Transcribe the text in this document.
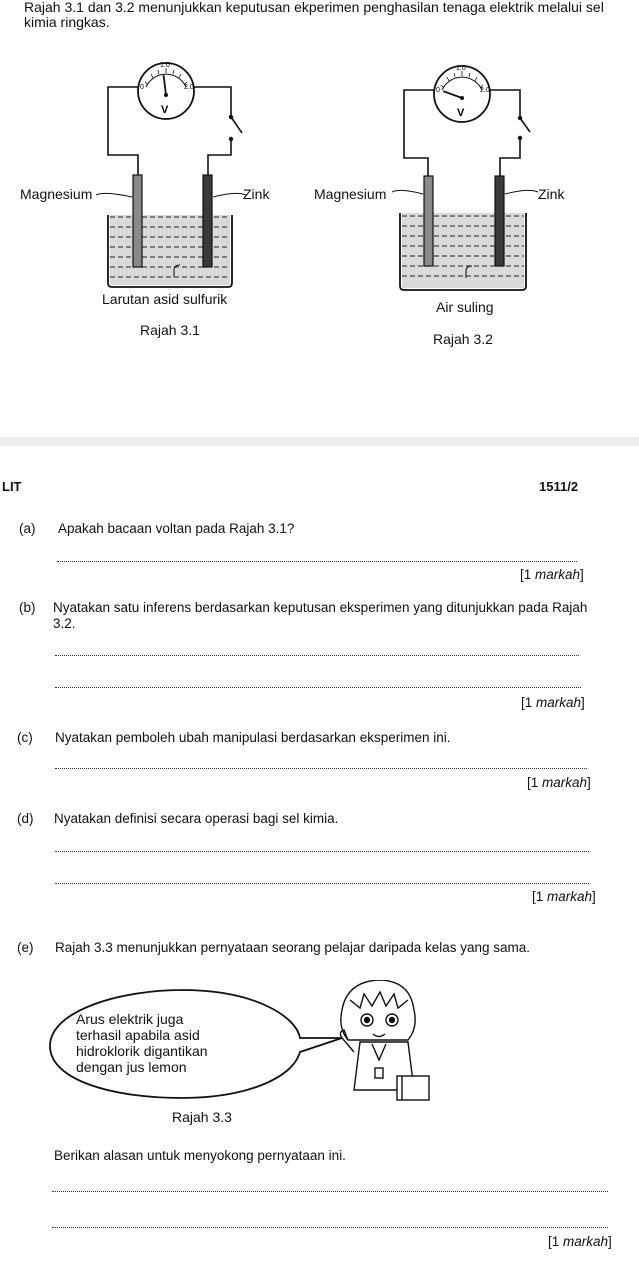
Rajah 3.1 dan 3.2 menunjukkan keputusan ekperimen penghasilan tenaga elektrik melalui sel kimia ringkas.
0
1.0
2.0
V
Magnesium	Zink
Larutan asid sulfurik
Rajah 3.1
0
1.0
2.0
V
Magnesium	Zink
Air suling
Rajah 3.2
LIT	1511/2
(a) Apakah bacaan voltan pada Rajah 3.1?
[1 markah]
(b) Nyatakan satu inferens berdasarkan keputusan eksperimen yang ditunjukkan pada Rajah 3.2.
[1 markah]
(c) Nyatakan pemboleh ubah manipulasi berdasarkan eksperimen ini.
[1 markah]
(d) Nyatakan definisi secara operasi bagi sel kimia.
[1 markah]
(e) Rajah 3.3 menunjukkan pernyataan seorang pelajar daripada kelas yang sama.
Arus elektrik juga
terhasil apabila asid
hidroklorik digantikan
dengan jus lemon
Rajah 3.3
Berikan alasan untuk menyokong pernyataan ini.
[1 markah]
